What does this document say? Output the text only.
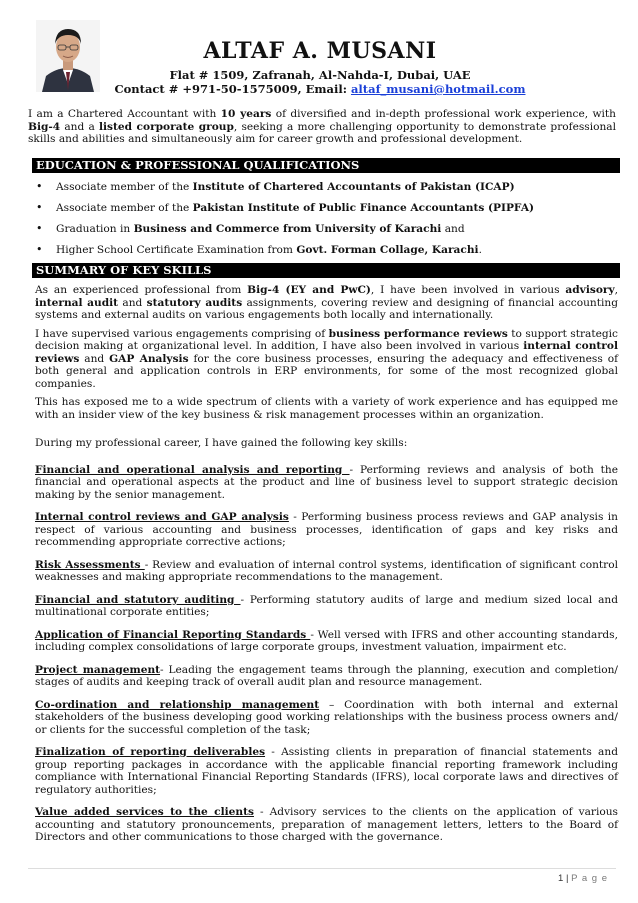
ALTAF A. MUSANI
Flat # 1509, Zafranah, Al-Nahda-I, Dubai, UAE
Contact # +971-50-1575009, Email: altaf_musani@hotmail.com
I am a Chartered Accountant with 10 years of diversified and in-depth professional work experience, with Big-4 and a listed corporate group, seeking a more challenging opportunity to demonstrate professional skills and abilities and simultaneously aim for career growth and professional development.
EDUCATION & PROFESSIONAL QUALIFICATIONS
• Associate member of the Institute of Chartered Accountants of Pakistan (ICAP)
• Associate member of the Pakistan Institute of Public Finance Accountants (PIPFA)
• Graduation in Business and Commerce from University of Karachi and
• Higher School Certificate Examination from Govt. Forman Collage, Karachi.
SUMMARY OF KEY SKILLS

As an experienced professional from Big-4 (EY and PwC), I have been involved in various advisory, internal audit and statutory audits assignments, covering review and designing of financial accounting systems and external audits on various engagements both locally and internationally.

I have supervised various engagements comprising of business performance reviews to support strategic decision making at organizational level. In addition, I have also been involved in various internal control reviews and GAP Analysis for the core business processes, ensuring the adequacy and effectiveness of both general and application controls in ERP environments, for some of the most recognized global companies.

This has exposed me to a wide spectrum of clients with a variety of work experience and has equipped me with an insider view of the key business & risk management processes within an organization.

During my professional career, I have gained the following key skills:

Financial and operational analysis and reporting - Performing reviews and analysis of both the financial and operational aspects at the product and line of business level to support strategic decision making by the senior management.

Internal control reviews and GAP analysis - Performing business process reviews and GAP analysis in respect of various accounting and business processes, identification of gaps and key risks and recommending appropriate corrective actions;

Risk Assessments - Review and evaluation of internal control systems, identification of significant control weaknesses and making appropriate recommendations to the management.

Financial and statutory auditing - Performing statutory audits of large and medium sized local and multinational corporate entities;

Application of Financial Reporting Standards - Well versed with IFRS and other accounting standards, including complex consolidations of large corporate groups, investment valuation, impairment etc.

Project management- Leading the engagement teams through the planning, execution and completion/ stages of audits and keeping track of overall audit plan and resource management.

Co-ordination and relationship management – Coordination with both internal and external stakeholders of the business developing good working relationships with the business process owners and/ or clients for the successful completion of the task;

Finalization of reporting deliverables - Assisting clients in preparation of financial statements and group reporting packages in accordance with the applicable financial reporting framework including compliance with International Financial Reporting Standards (IFRS), local corporate laws and directives of regulatory authorities;

Value added services to the clients - Advisory services to the clients on the application of various accounting and statutory pronouncements, preparation of management letters, letters to the Board of Directors and other communications to those charged with the governance.

1 | P a g e
